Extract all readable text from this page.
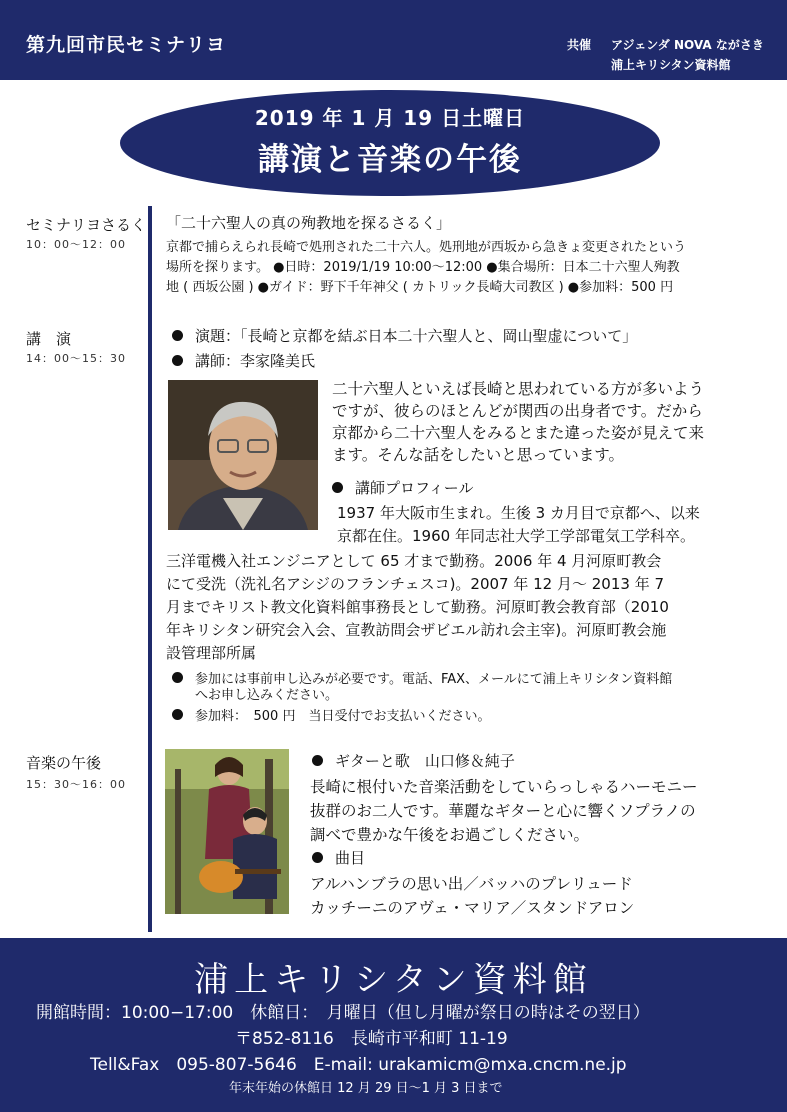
第九回市民セミナリヨ	共催 アジェンダ NOVA ながさき
浦上キリシタン資料館
2019 年 1 月 19 日土曜日
講演と音楽の午後
セミナリヨさるく
10：00〜12：00
「二十六聖人の真の殉教地を探るさるく」
京都で捕らえられ長崎で処刑された二十六人。処刑地が西坂から急きょ変更されたという
場所を探ります。 ●日時：2019/1/19 10:00〜12:00 ●集合場所：日本二十六聖人殉教
地 ( 西坂公園 ) ●ガイド：野下千年神父 ( カトリック長崎大司教区 ) ●参加料：500 円
講　演
14：00〜15：30
演題：「長崎と京都を結ぶ日本二十六聖人と、岡山聖虚について」
講師：李家隆美氏
二十六聖人といえば長崎と思われている方が多いよう
ですが、彼らのほとんどが関西の出身者です。だから
京都から二十六聖人をみるとまた違った姿が見えて来
ます。そんな話をしたいと思っています。
講師プロフィール
1937 年大阪市生まれ。生後 3 カ月目で京都へ、以来
京都在住。1960 年同志社大学工学部電気工学科卒。
三洋電機入社エンジニアとして 65 才まで勤務。2006 年 4 月河原町教会
にて受洗（洗礼名アシジのフランチェスコ)。2007 年 12 月〜 2013 年 7
月までキリスト教文化資料館事務長として勤務。河原町教会教育部（2010
年キリシタン研究会入会、宣教訪問会ザビエル訪れ会主宰)。河原町教会施
設管理部所属
参加には事前申し込みが必要です。電話、FAX、メールにて浦上キリシタン資料館
へお申し込みください。
参加料：　500 円　当日受付でお支払いください。
音楽の午後
15：30〜16：00
ギターと歌　山口修＆純子
長崎に根付いた音楽活動をしていらっしゃるハーモニー
抜群のお二人です。華麗なギターと心に響くソプラノの
調べで豊かな午後をお過ごしください。
曲目
アルハンブラの思い出／バッハのプレリュード
カッチーニのアヴェ・マリア／スタンドアロン
浦上キリシタン資料館
開館時間：10:00−17:00　休館日：　月曜日（但し月曜が祭日の時はその翌日）
〒852-8116　長崎市平和町 11-19
Tell&Fax　095-807-5646　E-mail: urakamicm@mxa.cncm.ne.jp
年末年始の休館日 12 月 29 日〜1 月 3 日まで
